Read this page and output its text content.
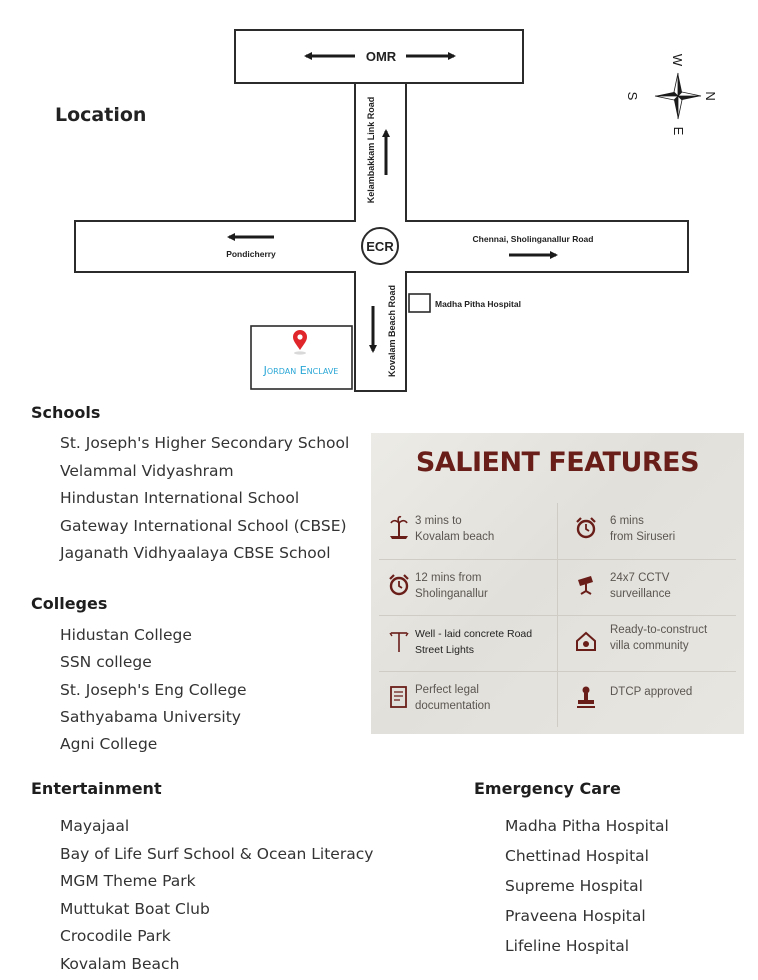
OMR
Kelambakkam Link Road
ECR
Pondicherry
Chennai, Sholinganallur Road
Kovalam Beach Road	Madha Pitha Hospital
Jordan Enclave
W
E
S	N
Location
Schools
St. Joseph's Higher Secondary School
Velammal Vidyashram
Hindustan International School
Gateway International School (CBSE)
Jaganath Vidhyaalaya CBSE School
Colleges
Hidustan College
SSN college
St. Joseph's Eng College
Sathyabama University
Agni College
Entertainment
Mayajaal
Bay of Life Surf School & Ocean Literacy
MGM Theme Park
Muttukat Boat Club
Crocodile Park
Kovalam Beach
Emergency Care
Madha Pitha Hospital
Chettinad Hospital
Supreme Hospital
Praveena Hospital
Lifeline Hospital
SALIENT FEATURES
3 mins to
Kovalam beach
6 mins
from Siruseri
12 mins from
Sholinganallur
24x7 CCTV
surveillance
Well - laid concrete Road
Street Lights
Ready-to-construct
villa community
Perfect legal
documentation
DTCP approved
